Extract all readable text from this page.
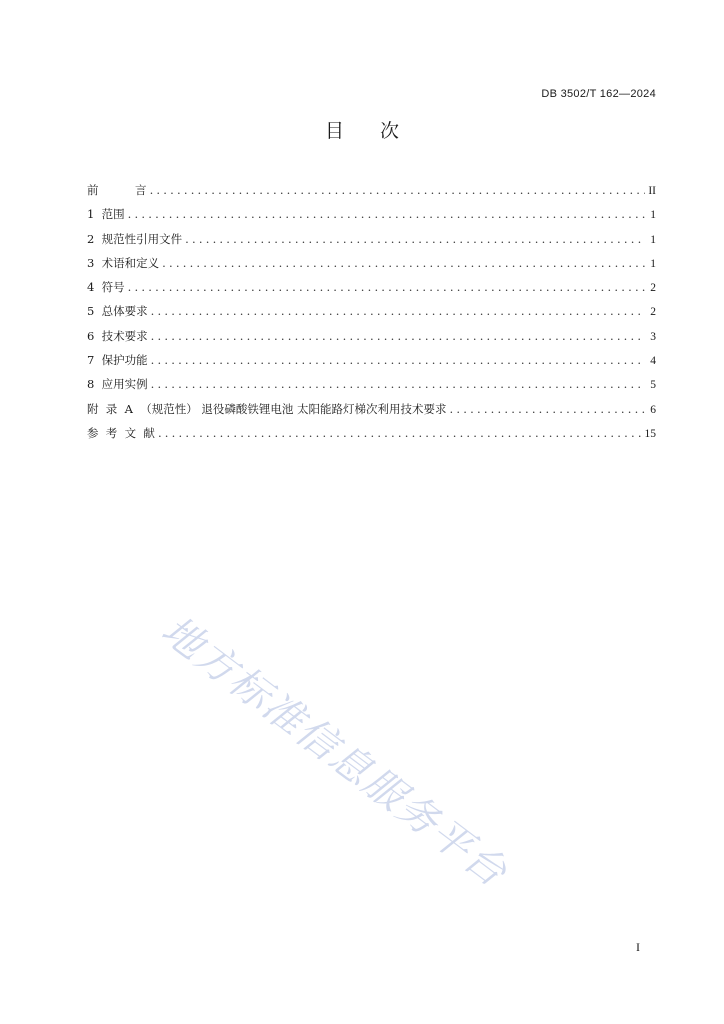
DB 3502/T 162—2024
目 次
前          言 .....	II
1  范围 .....	1
2  规范性引用文件 .....	1
3  术语和定义 .....	1
4  符号 .....	2
5  总体要求 .....	2
6  技术要求 .....	3
7  保护功能 .....	4
8  应用实例 .....	5
附  录  A  （规范性） 退役磷酸铁锂电池 太阳能路灯梯次利用技术要求 .....	6
参  考  文  献 .....	15
地方标准信息服务平台
I
